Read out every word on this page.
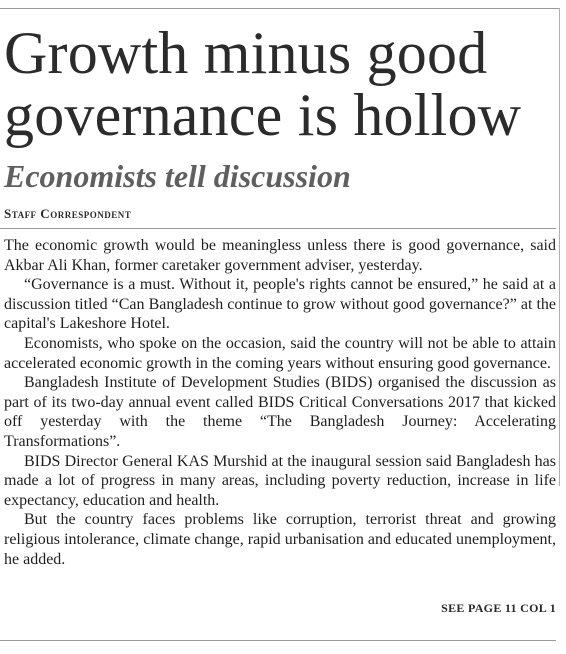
Growth minus good
governance is hollow
Economists tell discussion
Staff Correspondent

The economic growth would be meaningless unless there is good governance, said Akbar Ali Khan, former caretaker government adviser, yesterday.

“Governance is a must. Without it, people's rights cannot be ensured,” he said at a discussion titled “Can Bangladesh continue to grow without good governance?” at the capital's Lakeshore Hotel.

Economists, who spoke on the occasion, said the country will not be able to attain accelerated economic growth in the coming years without ensuring good governance.

Bangladesh Institute of Development Studies (BIDS) organised the discussion as part of its two-day annual event called BIDS Critical Conversations 2017 that kicked off yesterday with the theme “The Bangladesh Journey: Accelerating Transformations”.

BIDS Director General KAS Murshid at the inaugural session said Bangladesh has made a lot of progress in many areas, including poverty reduction, increase in life expectancy, education and health.

But the country faces problems like corruption, terrorist threat and growing religious intolerance, climate change, rapid urbanisation and educated unemployment, he added.

SEE PAGE 11 COL 1
